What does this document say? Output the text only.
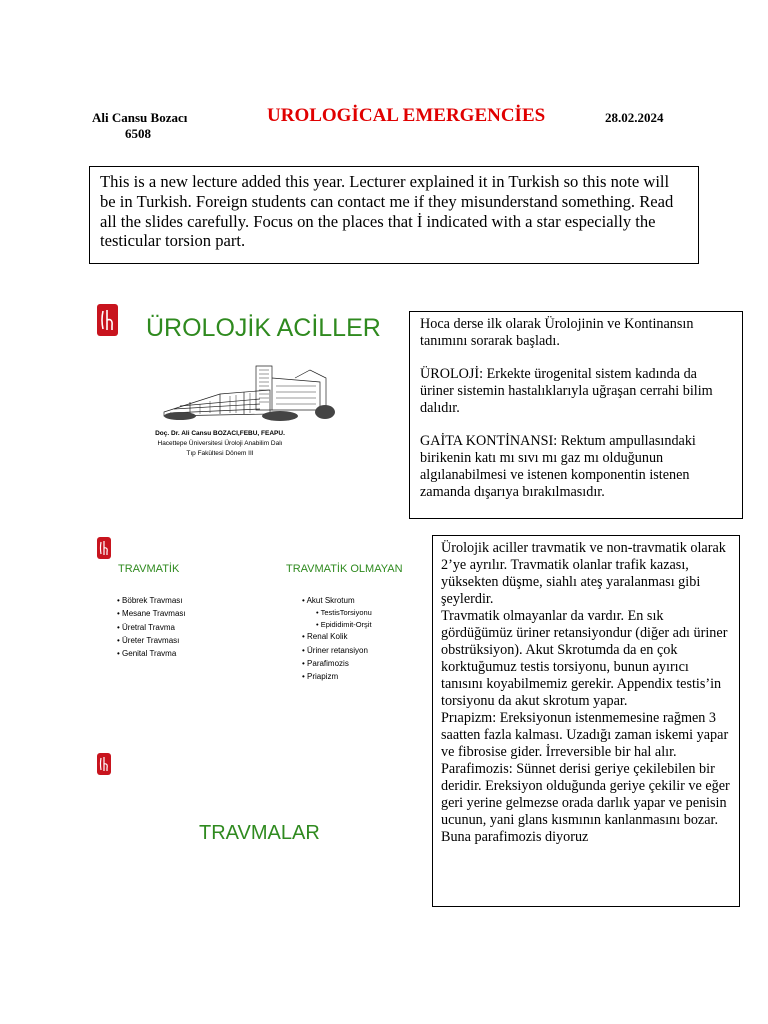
Ali Cansu Bozacı
6508
UROLOGİCAL EMERGENCİES	28.02.2024
This is a new lecture added this year. Lecturer explained it in Turkish so this note will be in Turkish. Foreign students can contact me if they misunderstand something. Read all the slides carefully. Focus on the places that İ indicated with a star especially the testicular torsion part.
ÜROLOJİK ACİLLER
Doç. Dr. Ali Cansu BOZACI,FEBU, FEAPU.
Hacettepe Üniversitesi Üroloji Anabilim Dalı
Tıp Fakültesi Dönem III

Hoca derse ilk olarak Ürolojinin ve Kontinansın tanımını sorarak başladı.

ÜROLOJİ: Erkekte ürogenital sistem kadında da üriner sistemin hastalıklarıyla uğraşan cerrahi bilim dalıdır.

GAİTA KONTİNANSI: Rektum ampullasındaki birikenin katı mı sıvı mı gaz mı olduğunun algılanabilmesi ve istenen komponentin istenen zamanda dışarıya bırakılmasıdır.

TRAVMATİK
• Böbrek Travması
• Mesane Travması
• Üretral Travma
• Üreter Travması
• Genital Travma
TRAVMATİK OLMAYAN
• Akut Skrotum
• TestisTorsiyonu
• Epididimit-Orşit
• Renal Kolik
• Üriner retansiyon
• Parafimozis
• Priapizm

Ürolojik aciller travmatik ve non-travmatik olarak 2’ye ayrılır. Travmatik olanlar trafik kazası, yüksekten düşme, siahlı ateş yaralanması gibi şeylerdir.

Travmatik olmayanlar da vardır. En sık gördüğümüz üriner retansiyondur (diğer adı üriner obstrüksiyon). Akut Skrotumda da en çok korktuğumuz testis torsiyonu, bunun ayırıcı tanısını koyabilmemiz gerekir. Appendix testis’in torsiyonu da akut skrotum yapar.

Prıapizm: Ereksiyonun istenmemesine rağmen 3 saatten fazla kalması. Uzadığı zaman iskemi yapar ve fibrosise gider. İrreversible bir hal alır.

Parafimozis: Sünnet derisi geriye çekilebilen bir deridir. Ereksiyon olduğunda geriye çekilir ve eğer geri yerine gelmezse orada darlık yapar ve penisin ucunun, yani glans kısmının kanlanmasını bozar. Buna parafimozis diyoruz

TRAVMALAR
